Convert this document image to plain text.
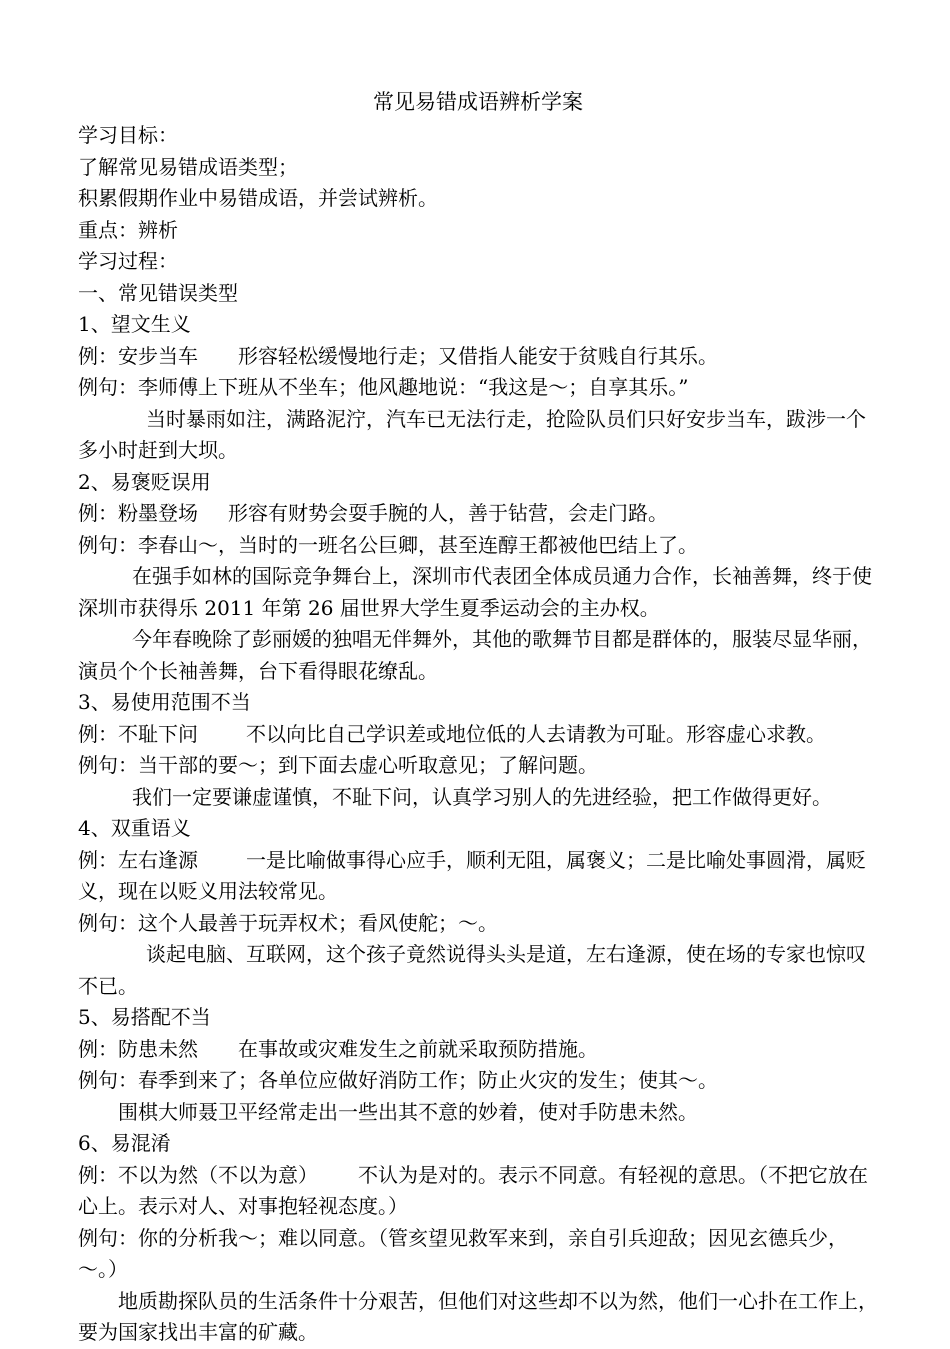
常见易错成语辨析学案
学习目标：
了解常见易错成语类型；
积累假期作业中易错成语，并尝试辨析。
重点：辨析
学习过程：
一、常见错误类型
1、望文生义
例：安步当车 形容轻松缓慢地行走；又借指人能安于贫贱自行其乐。
例句：李师傅上下班从不坐车；他风趣地说：“我这是～；自享其乐。”
当时暴雨如注，满路泥泞，汽车已无法行走，抢险队员们只好安步当车，跋涉一个多小时赶到大坝。
2、易褒贬误用
例：粉墨登场 形容有财势会耍手腕的人，善于钻营，会走门路。
例句：李春山～，当时的一班名公巨卿，甚至连醇王都被他巴结上了。
在强手如林的国际竞争舞台上，深圳市代表团全体成员通力合作，长袖善舞，终于使深圳市获得乐 2011 年第 26 届世界大学生夏季运动会的主办权。
今年春晚除了彭丽媛的独唱无伴舞外，其他的歌舞节目都是群体的，服装尽显华丽，演员个个长袖善舞，台下看得眼花缭乱。
3、易使用范围不当
例：不耻下问 不以向比自己学识差或地位低的人去请教为可耻。形容虚心求教。
例句：当干部的要～；到下面去虚心听取意见；了解问题。
我们一定要谦虚谨慎，不耻下问，认真学习别人的先进经验，把工作做得更好。
4、双重语义
例：左右逢源 一是比喻做事得心应手，顺利无阻，属褒义；二是比喻处事圆滑，属贬义，现在以贬义用法较常见。
例句：这个人最善于玩弄权术；看风使舵；～。
谈起电脑、互联网，这个孩子竟然说得头头是道，左右逢源，使在场的专家也惊叹不已。
5、易搭配不当
例：防患未然 在事故或灾难发生之前就采取预防措施。
例句：春季到来了；各单位应做好消防工作；防止火灾的发生；使其～。
围棋大师聂卫平经常走出一些出其不意的妙着，使对手防患未然。
6、易混淆
例：不以为然（不以为意） 不认为是对的。表示不同意。有轻视的意思。（不把它放在心上。表示对人、对事抱轻视态度。）
例句：你的分析我～；难以同意。（管亥望见救军来到，亲自引兵迎敌；因见玄德兵少，～。）
地质勘探队员的生活条件十分艰苦，但他们对这些却不以为然，他们一心扑在工作上，要为国家找出丰富的矿藏。
